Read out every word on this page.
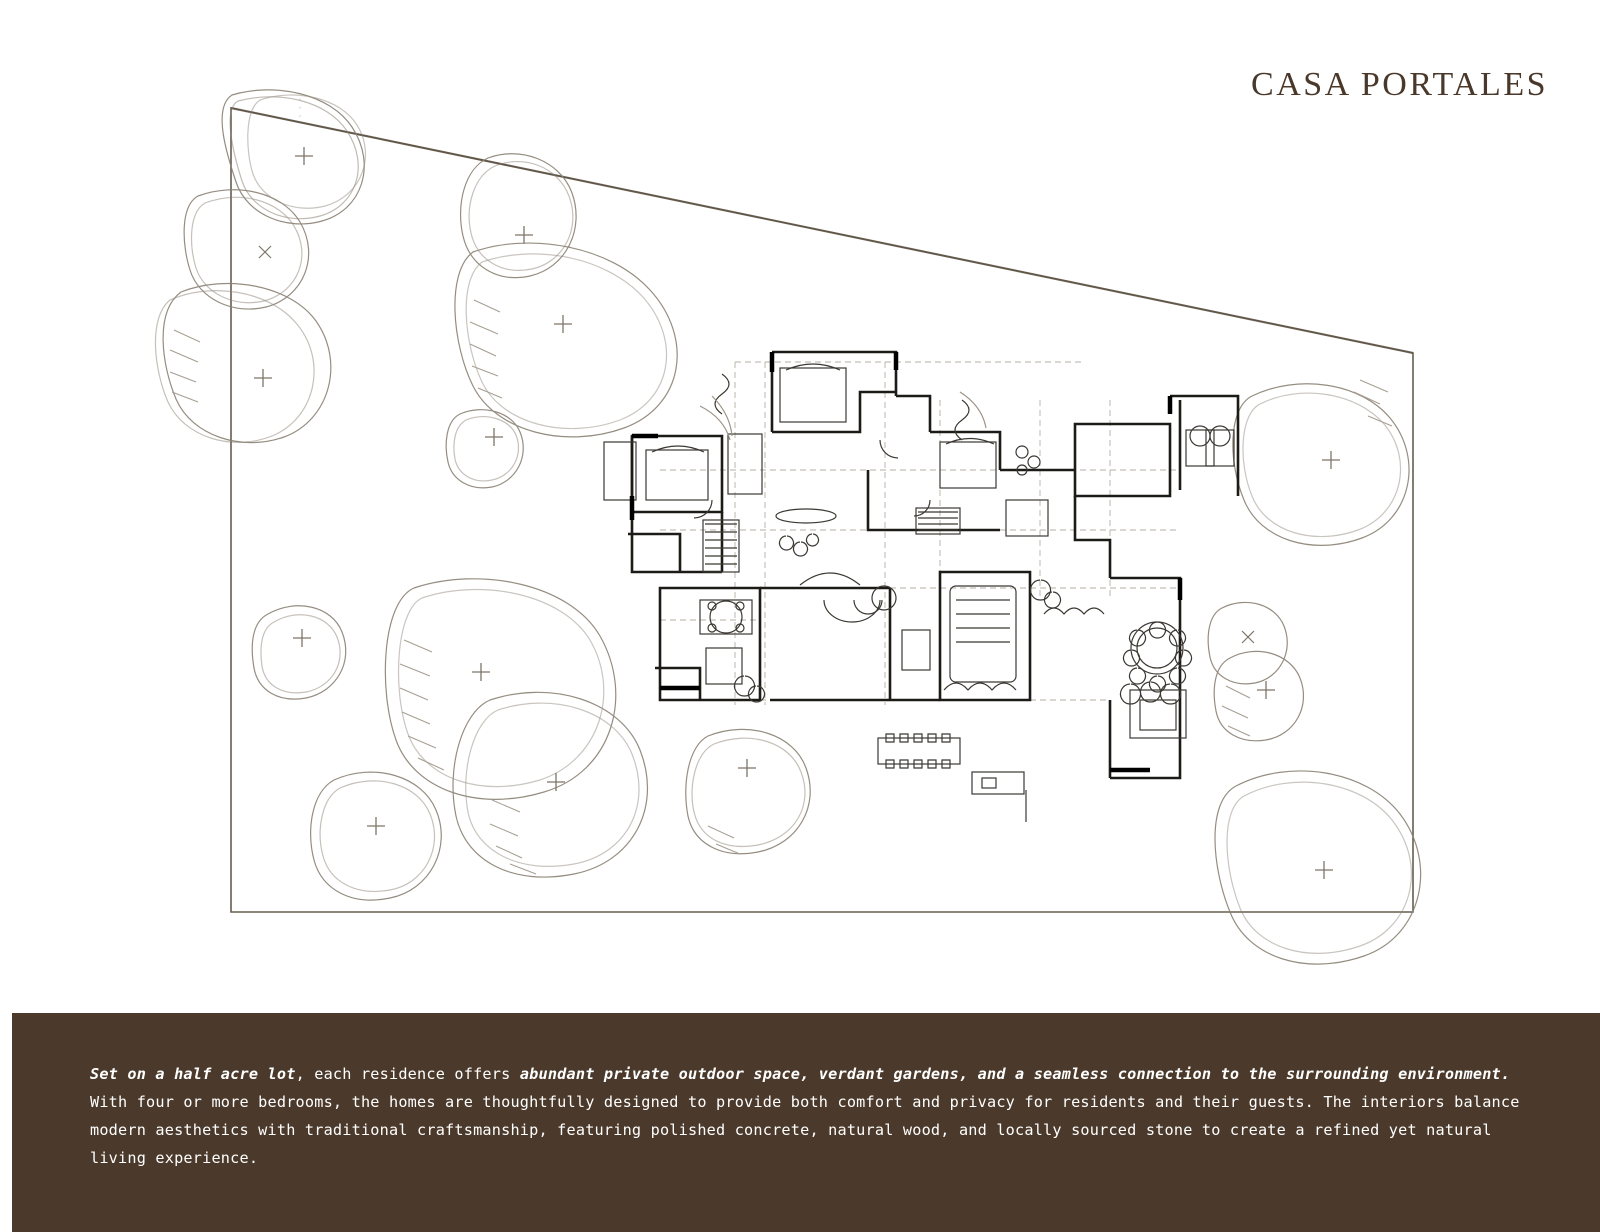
CASA PORTALES
Set on a half acre lot, each residence offers abundant private outdoor space, verdant gardens, and a seamless connection to the surrounding environment. With four or more bedrooms, the homes are thoughtfully designed to provide both comfort and privacy for residents and their guests. The interiors balance modern aesthetics with traditional craftsmanship, featuring polished concrete, natural wood, and locally sourced stone to create a refined yet natural living experience.
